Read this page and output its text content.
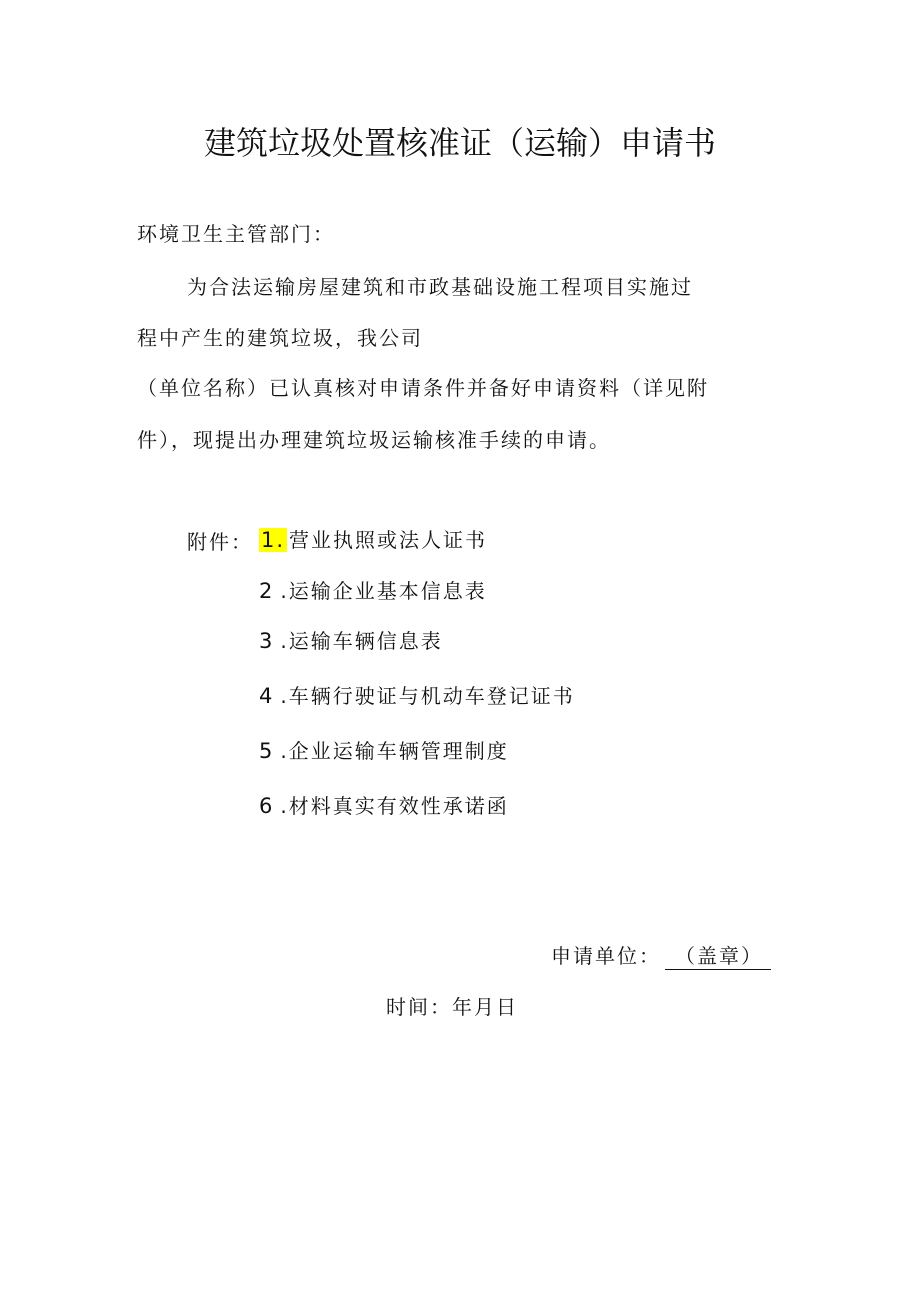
建筑垃圾处置核准证（运输）申请书
环境卫生主管部门：
为合法运输房屋建筑和市政基础设施工程项目实施过
程中产生的建筑垃圾，我公司
（单位名称）已认真核对申请条件并备好申请资料（详见附
件），现提出办理建筑垃圾运输核准手续的申请。
附件： 1. 营业执照或法人证书
2 .运输企业基本信息表
3 .运输车辆信息表
4 .车辆行驶证与机动车登记证书
5 .企业运输车辆管理制度
6 .材料真实有效性承诺函
申请单位： （盖章）
时间：年月日
